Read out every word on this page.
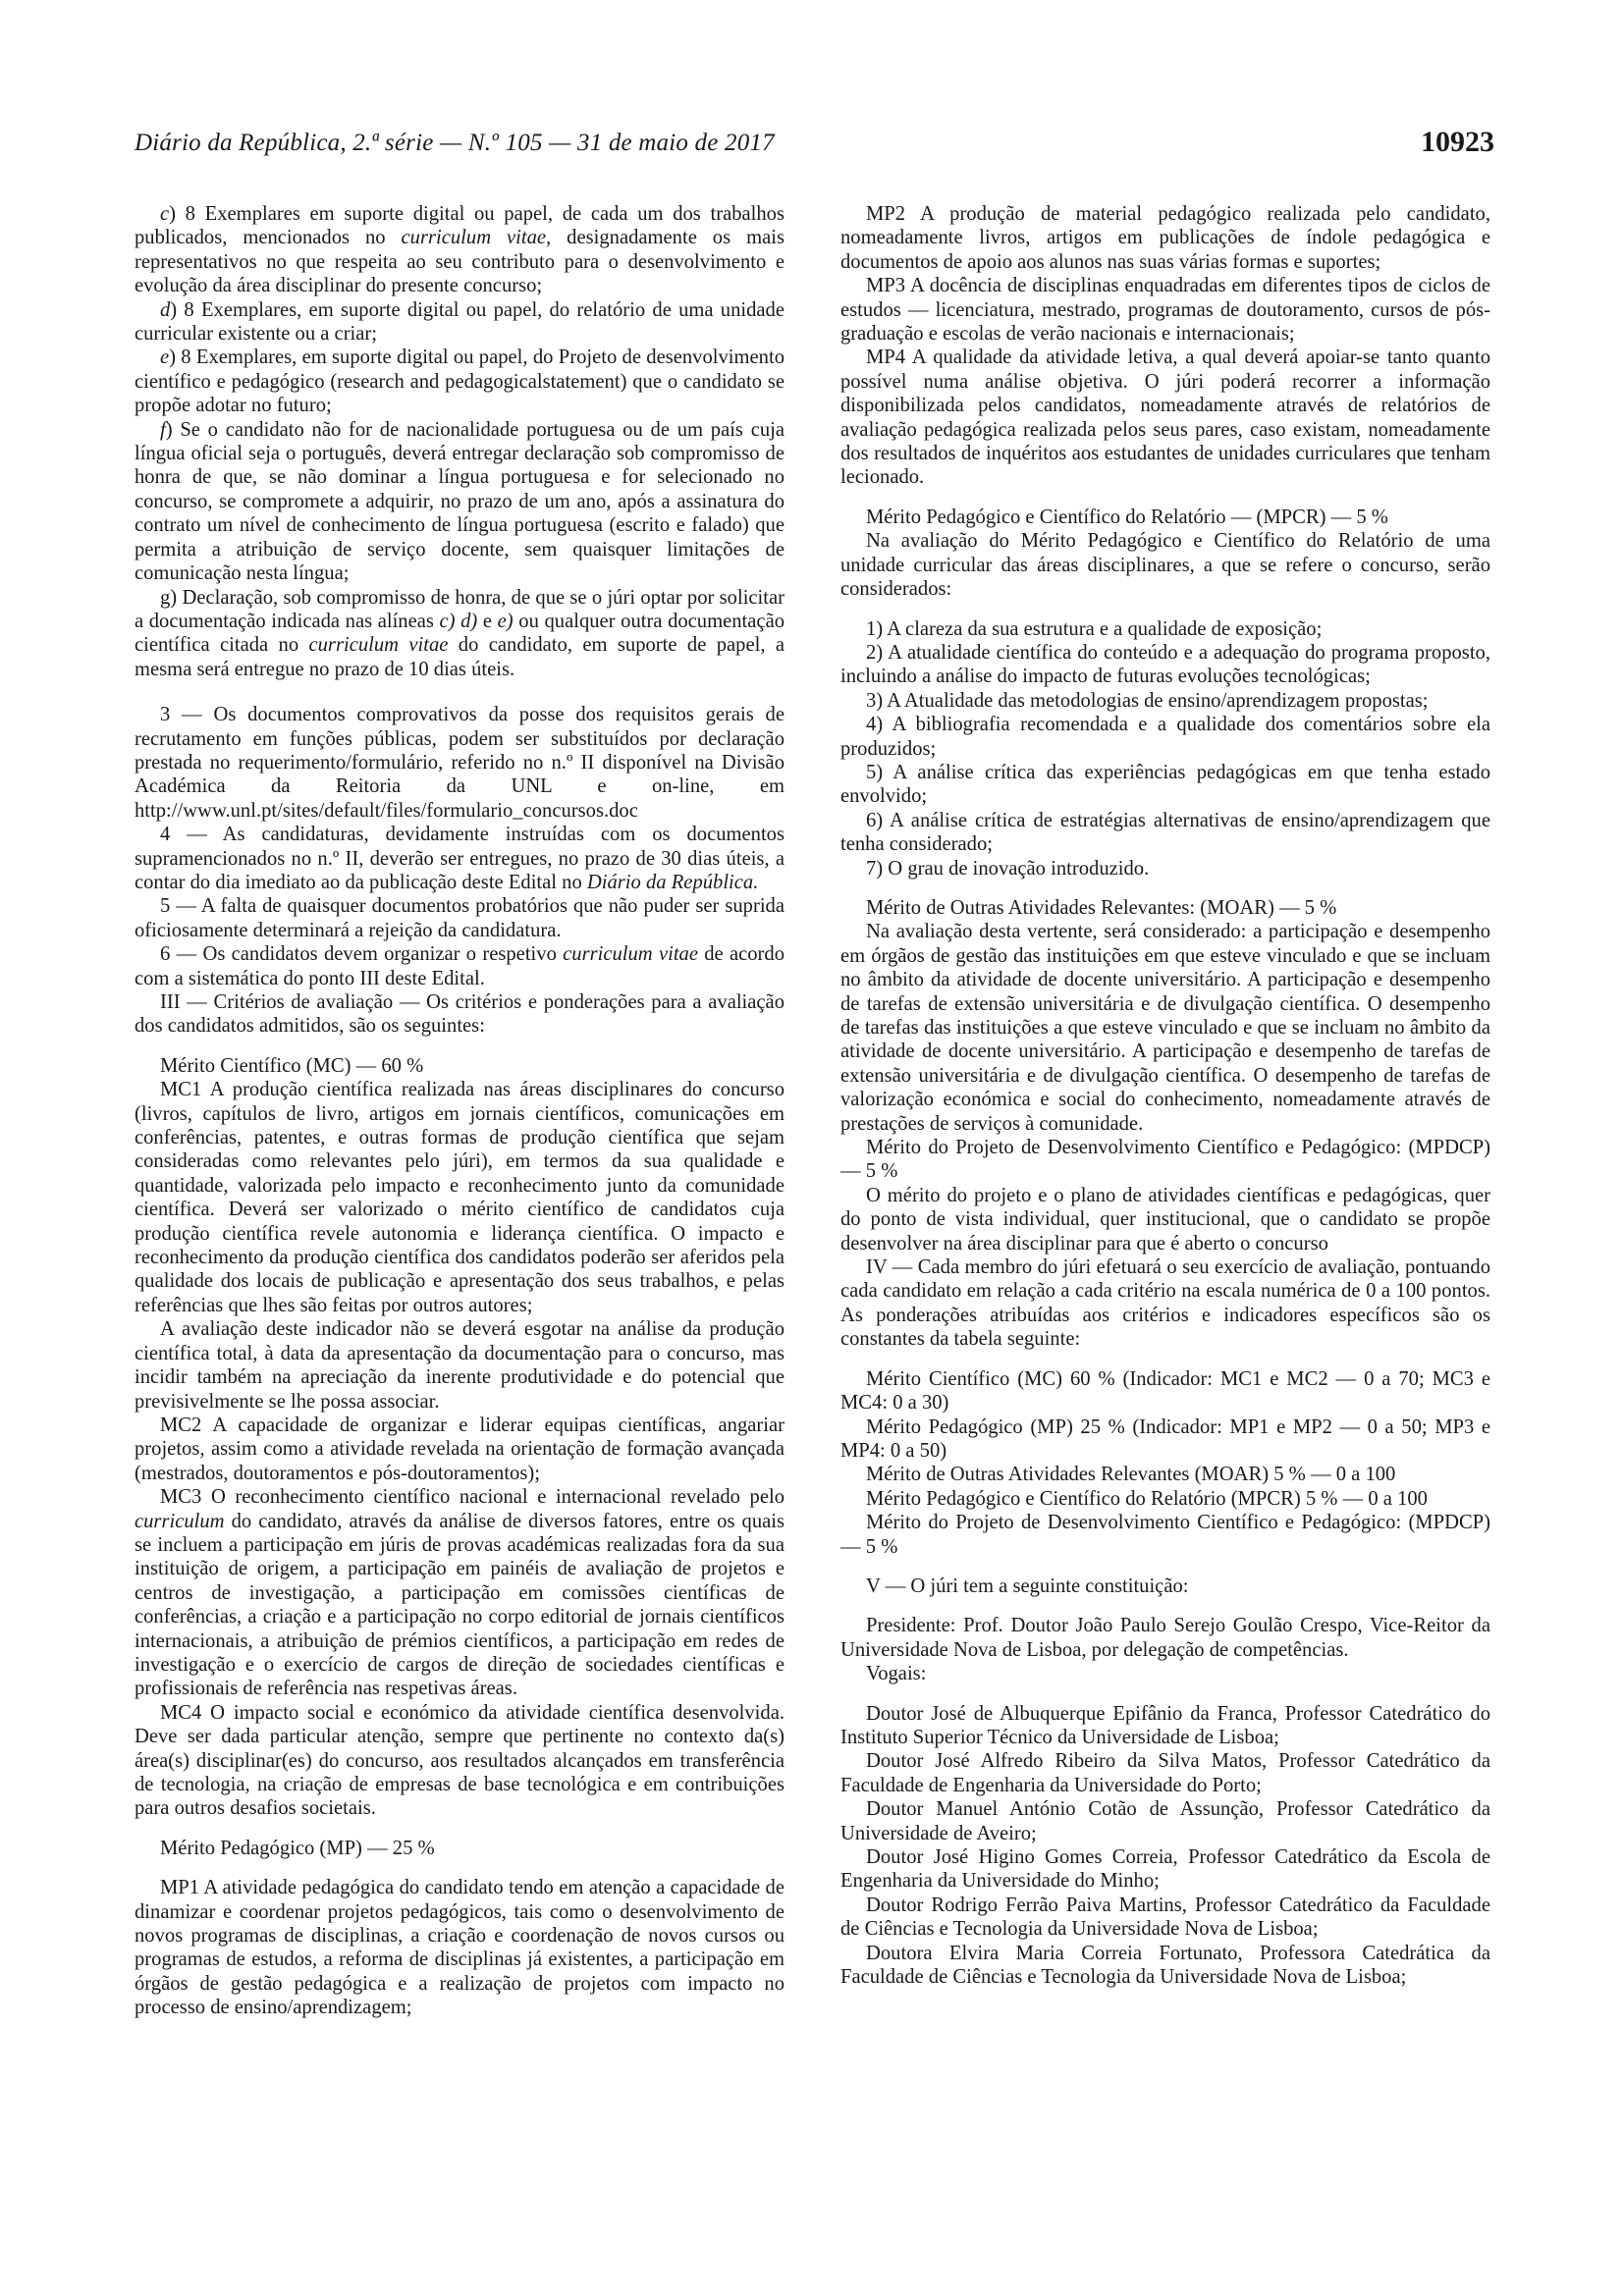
Diário da República, 2.ª série — N.º 105 — 31 de maio de 2017	10923

c) 8 Exemplares em suporte digital ou papel, de cada um dos trabalhos publicados, mencionados no curriculum vitae, designadamente os mais representativos no que respeita ao seu contributo para o desenvolvimento e evolução da área disciplinar do presente concurso;

d) 8 Exemplares, em suporte digital ou papel, do relatório de uma unidade curricular existente ou a criar;

e) 8 Exemplares, em suporte digital ou papel, do Projeto de desenvolvimento científico e pedagógico (research and pedagogicalstatement) que o candidato se propõe adotar no futuro;

f) Se o candidato não for de nacionalidade portuguesa ou de um país cuja língua oficial seja o português, deverá entregar declaração sob compromisso de honra de que, se não dominar a língua portuguesa e for selecionado no concurso, se compromete a adquirir, no prazo de um ano, após a assinatura do contrato um nível de conhecimento de língua portuguesa (escrito e falado) que permita a atribuição de serviço docente, sem quaisquer limitações de comunicação nesta língua;

g) Declaração, sob compromisso de honra, de que se o júri optar por solicitar a documentação indicada nas alíneas c) d) e e) ou qualquer outra documentação científica citada no curriculum vitae do candidato, em suporte de papel, a mesma será entregue no prazo de 10 dias úteis.

3 — Os documentos comprovativos da posse dos requisitos gerais de recrutamento em funções públicas, podem ser substituídos por declaração prestada no requerimento/formulário, referido no n.º II disponível na Divisão Académica da Reitoria da UNL e on-line, em http://www.unl.pt/sites/default/files/formulario_concursos.doc

4 — As candidaturas, devidamente instruídas com os documentos supramencionados no n.º II, deverão ser entregues, no prazo de 30 dias úteis, a contar do dia imediato ao da publicação deste Edital no Diário da República.

5 — A falta de quaisquer documentos probatórios que não puder ser suprida oficiosamente determinará a rejeição da candidatura.

6 — Os candidatos devem organizar o respetivo curriculum vitae de acordo com a sistemática do ponto III deste Edital.

III — Critérios de avaliação — Os critérios e ponderações para a avaliação dos candidatos admitidos, são os seguintes:

Mérito Científico (MC) — 60 %

MC1 A produção científica realizada nas áreas disciplinares do concurso (livros, capítulos de livro, artigos em jornais científicos, comunicações em conferências, patentes, e outras formas de produção científica que sejam consideradas como relevantes pelo júri), em termos da sua qualidade e quantidade, valorizada pelo impacto e reconhecimento junto da comunidade científica. Deverá ser valorizado o mérito científico de candidatos cuja produção científica revele autonomia e liderança científica. O impacto e reconhecimento da produção científica dos candidatos poderão ser aferidos pela qualidade dos locais de publicação e apresentação dos seus trabalhos, e pelas referências que lhes são feitas por outros autores;

A avaliação deste indicador não se deverá esgotar na análise da produção científica total, à data da apresentação da documentação para o concurso, mas incidir também na apreciação da inerente produtividade e do potencial que previsivelmente se lhe possa associar.

MC2 A capacidade de organizar e liderar equipas científicas, angariar projetos, assim como a atividade revelada na orientação de formação avançada (mestrados, doutoramentos e pós-doutoramentos);

MC3 O reconhecimento científico nacional e internacional revelado pelo curriculum do candidato, através da análise de diversos fatores, entre os quais se incluem a participação em júris de provas académicas realizadas fora da sua instituição de origem, a participação em painéis de avaliação de projetos e centros de investigação, a participação em comissões científicas de conferências, a criação e a participação no corpo editorial de jornais científicos internacionais, a atribuição de prémios científicos, a participação em redes de investigação e o exercício de cargos de direção de sociedades científicas e profissionais de referência nas respetivas áreas.

MC4 O impacto social e económico da atividade científica desenvolvida. Deve ser dada particular atenção, sempre que pertinente no contexto da(s) área(s) disciplinar(es) do concurso, aos resultados alcançados em transferência de tecnologia, na criação de empresas de base tecnológica e em contribuições para outros desafios societais.

Mérito Pedagógico (MP) — 25 %

MP1 A atividade pedagógica do candidato tendo em atenção a capacidade de dinamizar e coordenar projetos pedagógicos, tais como o desenvolvimento de novos programas de disciplinas, a criação e coordenação de novos cursos ou programas de estudos, a reforma de disciplinas já existentes, a participação em órgãos de gestão pedagógica e a realização de projetos com impacto no processo de ensino/aprendizagem;

MP2 A produção de material pedagógico realizada pelo candidato, nomeadamente livros, artigos em publicações de índole pedagógica e documentos de apoio aos alunos nas suas várias formas e suportes;

MP3 A docência de disciplinas enquadradas em diferentes tipos de ciclos de estudos — licenciatura, mestrado, programas de doutoramento, cursos de pós-graduação e escolas de verão nacionais e internacionais;

MP4 A qualidade da atividade letiva, a qual deverá apoiar-se tanto quanto possível numa análise objetiva. O júri poderá recorrer a informação disponibilizada pelos candidatos, nomeadamente através de relatórios de avaliação pedagógica realizada pelos seus pares, caso existam, nomeadamente dos resultados de inquéritos aos estudantes de unidades curriculares que tenham lecionado.

Mérito Pedagógico e Científico do Relatório — (MPCR) — 5 %

Na avaliação do Mérito Pedagógico e Científico do Relatório de uma unidade curricular das áreas disciplinares, a que se refere o concurso, serão considerados:

1) A clareza da sua estrutura e a qualidade de exposição;

2) A atualidade científica do conteúdo e a adequação do programa proposto, incluindo a análise do impacto de futuras evoluções tecnológicas;

3) A Atualidade das metodologias de ensino/aprendizagem propostas;

4) A bibliografia recomendada e a qualidade dos comentários sobre ela produzidos;

5) A análise crítica das experiências pedagógicas em que tenha estado envolvido;

6) A análise crítica de estratégias alternativas de ensino/aprendizagem que tenha considerado;

7) O grau de inovação introduzido.

Mérito de Outras Atividades Relevantes: (MOAR) — 5 %

Na avaliação desta vertente, será considerado: a participação e desempenho em órgãos de gestão das instituições em que esteve vinculado e que se incluam no âmbito da atividade de docente universitário. A participação e desempenho de tarefas de extensão universitária e de divulgação científica. O desempenho de tarefas das instituições a que esteve vinculado e que se incluam no âmbito da atividade de docente universitário. A participação e desempenho de tarefas de extensão universitária e de divulgação científica. O desempenho de tarefas de valorização económica e social do conhecimento, nomeadamente através de prestações de serviços à comunidade.

Mérito do Projeto de Desenvolvimento Científico e Pedagógico: (MPDCP) — 5 %

O mérito do projeto e o plano de atividades científicas e pedagógicas, quer do ponto de vista individual, quer institucional, que o candidato se propõe desenvolver na área disciplinar para que é aberto o concurso

IV — Cada membro do júri efetuará o seu exercício de avaliação, pontuando cada candidato em relação a cada critério na escala numérica de 0 a 100 pontos. As ponderações atribuídas aos critérios e indicadores específicos são os constantes da tabela seguinte:

Mérito Científico (MC) 60 % (Indicador: MC1 e MC2 — 0 a 70; MC3 e MC4: 0 a 30)

Mérito Pedagógico (MP) 25 % (Indicador: MP1 e MP2 — 0 a 50; MP3 e MP4: 0 a 50)

Mérito de Outras Atividades Relevantes (MOAR) 5 % — 0 a 100

Mérito Pedagógico e Científico do Relatório (MPCR) 5 % — 0 a 100

Mérito do Projeto de Desenvolvimento Científico e Pedagógico: (MPDCP) — 5 %

V — O júri tem a seguinte constituição:

Presidente: Prof. Doutor João Paulo Serejo Goulão Crespo, Vice-Reitor da Universidade Nova de Lisboa, por delegação de competências.

Vogais:

Doutor José de Albuquerque Epifânio da Franca, Professor Catedrático do Instituto Superior Técnico da Universidade de Lisboa;

Doutor José Alfredo Ribeiro da Silva Matos, Professor Catedrático da Faculdade de Engenharia da Universidade do Porto;

Doutor Manuel António Cotão de Assunção, Professor Catedrático da Universidade de Aveiro;

Doutor José Higino Gomes Correia, Professor Catedrático da Escola de Engenharia da Universidade do Minho;

Doutor Rodrigo Ferrão Paiva Martins, Professor Catedrático da Faculdade de Ciências e Tecnologia da Universidade Nova de Lisboa;

Doutora Elvira Maria Correia Fortunato, Professora Catedrática da Faculdade de Ciências e Tecnologia da Universidade Nova de Lisboa;
